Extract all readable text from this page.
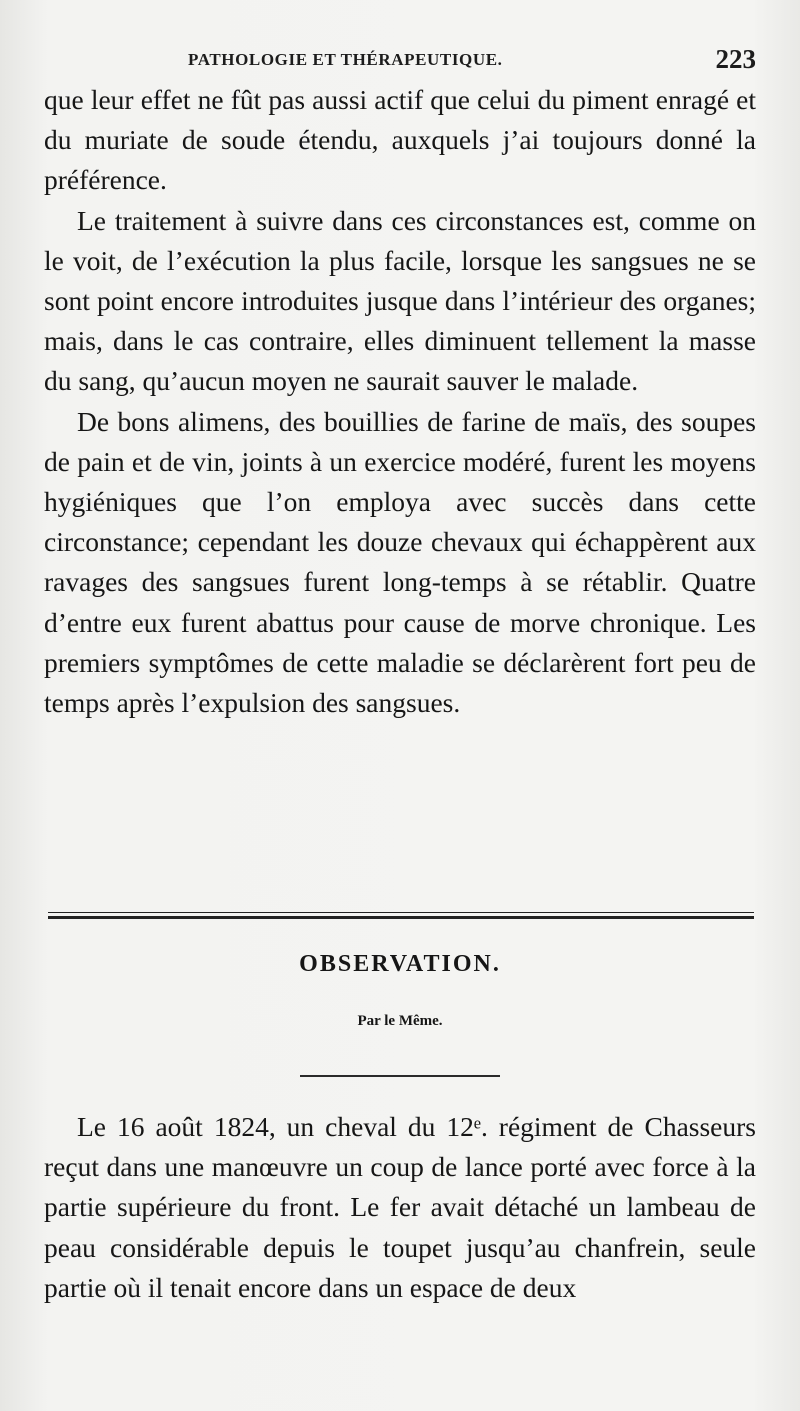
PATHOLOGIE ET THÉRAPEUTIQUE.	223

que leur effet ne fût pas aussi actif que celui du piment enragé et du muriate de soude étendu, auxquels j’ai toujours donné la préférence.

Le traitement à suivre dans ces circonstances est, comme on le voit, de l’exécution la plus facile, lorsque les sangsues ne se sont point encore introduites jusque dans l’intérieur des organes; mais, dans le cas contraire, elles diminuent tellement la masse du sang, qu’aucun moyen ne saurait sauver le malade.

De bons alimens, des bouillies de farine de maïs, des soupes de pain et de vin, joints à un exercice modéré, furent les moyens hygiéniques que l’on employa avec succès dans cette circonstance; cependant les douze chevaux qui échappèrent aux ravages des sangsues furent long-temps à se rétablir. Quatre d’entre eux furent abattus pour cause de morve chronique. Les premiers symptômes de cette maladie se déclarèrent fort peu de temps après l’expulsion des sangsues.

OBSERVATION.
Par le Même.

Le 16 août 1824, un cheval du 12ᵉ. régiment de Chasseurs reçut dans une manœuvre un coup de lance porté avec force à la partie supérieure du front. Le fer avait détaché un lambeau de peau considérable depuis le toupet jusqu’au chanfrein, seule partie où il tenait encore dans un espace de deux
